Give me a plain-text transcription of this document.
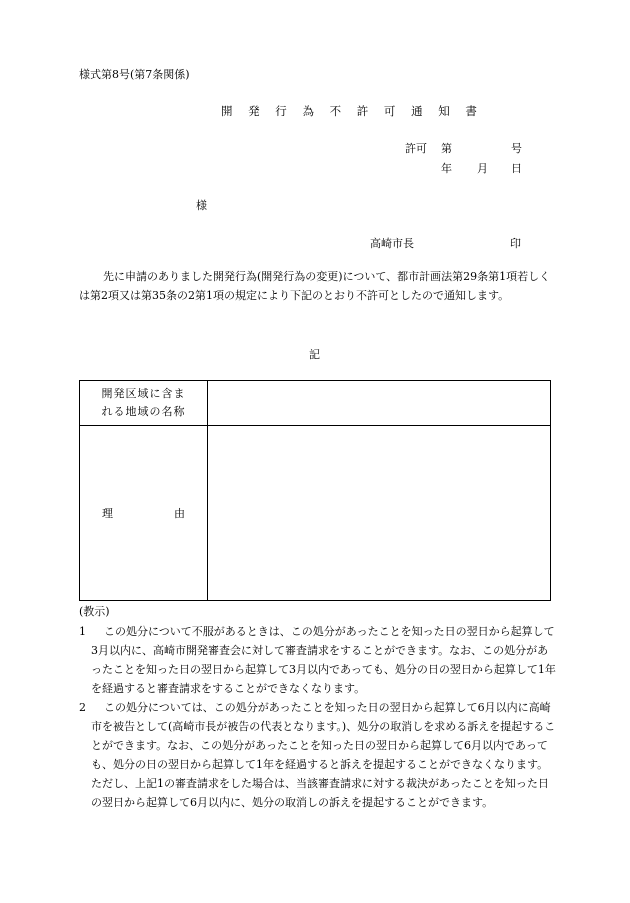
様式第8号(第7条関係)
開 発 行 為 不 許 可 通 知 書
許可 第	号
年 月 日
様
高崎市長	印
先に申請のありました開発行為(開発行為の変更)について、都市計画法第29条第1項若しくは第2項又は第35条の2第1項の規定により下記のとおり不許可としたので通知します。
記
開発区域に含ま
れる地域の名称	

理 由	

(教示)
1	この処分について不服があるときは、この処分があったことを知った日の翌日から起算して3月以内に、高崎市開発審査会に対して審査請求をすることができます。なお、この処分があったことを知った日の翌日から起算して3月以内であっても、処分の日の翌日から起算して1年を経過すると審査請求をすることができなくなります。
2	この処分については、この処分があったことを知った日の翌日から起算して6月以内に高崎市を被告として(高崎市長が被告の代表となります。)、処分の取消しを求める訴えを提起することができます。なお、この処分があったことを知った日の翌日から起算して6月以内であっても、処分の日の翌日から起算して1年を経過すると訴えを提起することができなくなります。ただし、上記1の審査請求をした場合は、当該審査請求に対する裁決があったことを知った日の翌日から起算して6月以内に、処分の取消しの訴えを提起することができます。
